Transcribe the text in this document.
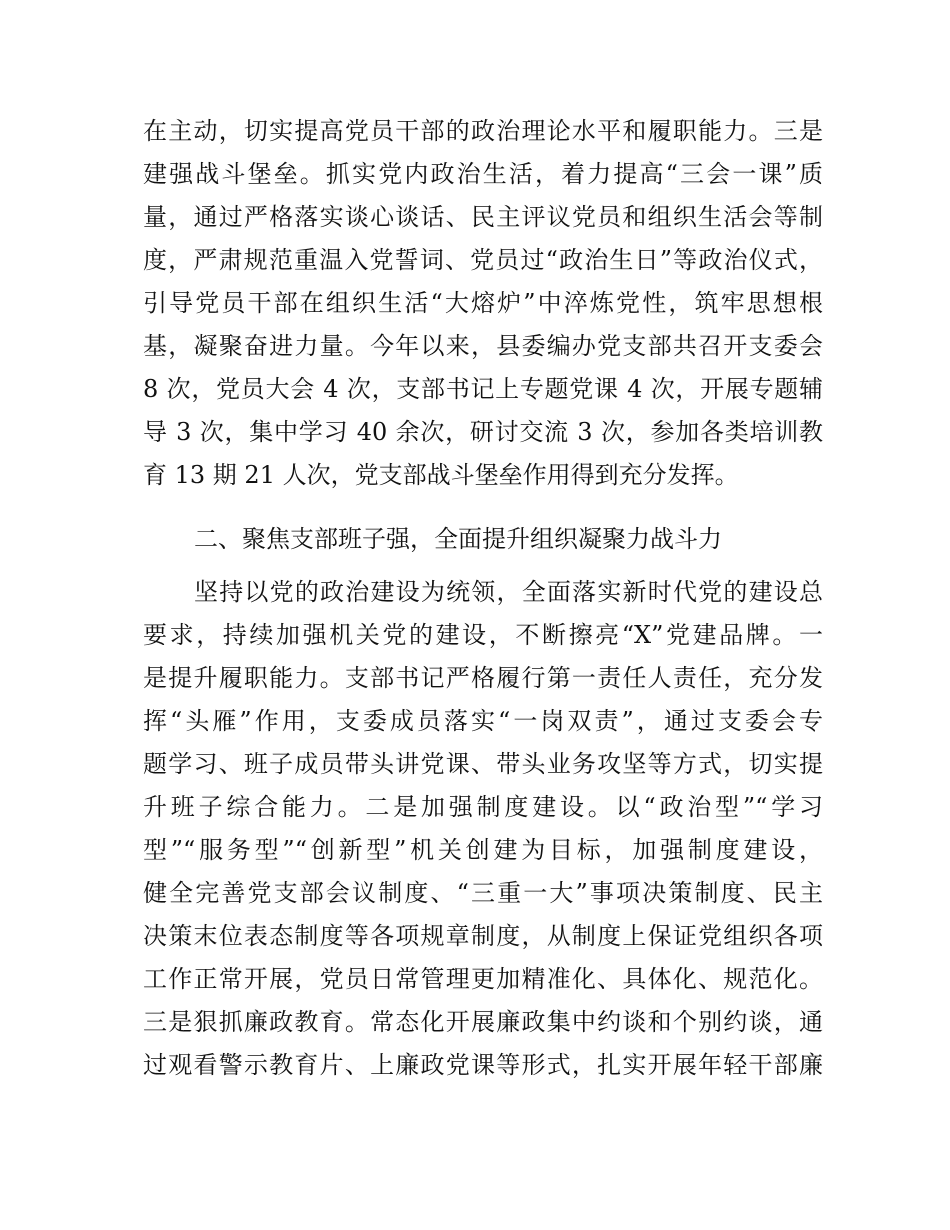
在主动，切实提高党员干部的政治理论水平和履职能力。三是
建强战斗堡垒。抓实党内政治生活，着力提高“三会一课”质
量，通过严格落实谈心谈话、民主评议党员和组织生活会等制
度，严肃规范重温入党誓词、党员过“政治生日”等政治仪式，
引导党员干部在组织生活“大熔炉”中淬炼党性，筑牢思想根
基，凝聚奋进力量。今年以来，县委编办党支部共召开支委会
8 次，党员大会 4 次，支部书记上专题党课 4 次，开展专题辅
导 3 次，集中学习 40 余次，研讨交流 3 次，参加各类培训教
育 13 期 21 人次，党支部战斗堡垒作用得到充分发挥。
二、聚焦支部班子强，全面提升组织凝聚力战斗力
坚持以党的政治建设为统领，全面落实新时代党的建设总
要求，持续加强机关党的建设，不断擦亮“X”党建品牌。一
是提升履职能力。支部书记严格履行第一责任人责任，充分发
挥“头雁”作用，支委成员落实“一岗双责”，通过支委会专
题学习、班子成员带头讲党课、带头业务攻坚等方式，切实提
升班子综合能力。二是加强制度建设。以“政治型”“学习
型”“服务型”“创新型”机关创建为目标，加强制度建设，
健全完善党支部会议制度、“三重一大”事项决策制度、民主
决策末位表态制度等各项规章制度，从制度上保证党组织各项
工作正常开展，党员日常管理更加精准化、具体化、规范化。
三是狠抓廉政教育。常态化开展廉政集中约谈和个别约谈，通
过观看警示教育片、上廉政党课等形式，扎实开展年轻干部廉
